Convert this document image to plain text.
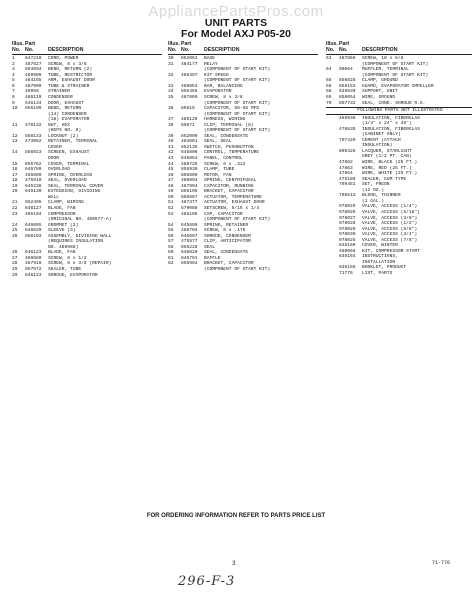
AppliancePartsPros.com
UNIT PARTS
For Model AXJ P05-20
Illus.
No.
Part
No.	DESCRIPTION
1	647218	CORD, POWER
2	487827	SCREW, 8 x 3/8
3	894694	BEND, RETURN (2)
4	489909	TUBE, RESTRICTOR
5	484165	ARM, EXHAUST DOOR
6	487009	TUBE & STRAINER
7	49959	STRAINER
8	486119	CONDENSER
9	646134	DOOR, EXHAUST
10	855109	BEND, RETURN
(14) CONDENSER
(16) EVAPORATOR
11	478132	NUT, HEX
(KEPS NO. 8)
12	858133	LOCKNUT (2)
13	473062	RETAINER, TERMINAL
COVER
14	856923	SCREEN, EXHAUST
DOOR
15	855762	COVER, TERMINAL
16	646780	OVERLOAD
17	456609	SPRING, OVERLOAD
18	475910	SEAL, OVERLOAD
19	645236	SEAL, TERMINAL COVER
20	646130	EXTENSION, DIVIDING
WALL
21	852405	CLAMP, WIRING
22	646127	BLADE, FAN
23	485104	COMPRESSOR
(ORIGINAL NO. 480677-A)
24	646095	GROMMET (3)
25	646629	SLEEVE (3)
26	856103	ASSEMBLY, DIVIDING WALL
(REQUIRES INSULATION
NO. 469988)
26	646123	BLADE, FAN
27	489680	SCREW, 8 x 1/2
28	487916	SCREW, 6 x 3/8 (REPAIR)
29	857972	SEALER, TUBE
29	646123	SHROUD, EVAPORATOR
Illus.
No.
Part
No.	DESCRIPTION
30	852061	BASE
31	484177	RELAY
(COMPONENT OF START KIT)
32	486397	KIT SPEED
(COMPONENT OF START KIT)
33	486054	BAR, BALANCING
34	855465	EVAPORATOR
35	487869	SCREW, 8 x 3/8
(COMPONENT OF START KIT)
36	85615	CAPACITOR, 58-65 MFD
(COMPONENT OF START KIT)
37	486126	HARNESS, WIRING
38	85671	CLIP, TERMINAL (8)
(COMPONENT OF START KIT)
39	852009	SEAL, CONDENSATE
40	484661	SEAL, SEAL
41	852135	SWITCH, PUSHBUTTON
42	646806	CONTROL, TEMPERATURE
43	646854	PANEL, CONTROL
44	488725	SCREW, 6 x .312
45	855930	CLAMP, TUBE
46	855609	MOTOR, FAN
47	486094	SPRING, CENTRIFUGAL
48	487904	CAPACITOR, RUNNING
49	856195	BRACKET, CAPACITOR
50	855867	ACTUATOR, TEMPERATURE
51	487377	ACTUATOR, EXHAUST DOOR
52	579088	SETSCREW, 5/16 x 1/4
53	485106	CAP, CAPACITOR
(COMPONENT OF START KIT)
54	645899	SPRING, RETAINER
55	488704	SCREW, 6 x .175
56	646097	SHROUD, CONDENSER
57	475977	CLIP, ANTICIPATOR
58	855228	SEAL
60	646820	SEAL, CONDENSATE
61	646791	BAFFLE
62	855964	BRACKET, CAPACITOR
(COMPONENT OF START KIT)
Illus.
No.
Part
No.	DESCRIPTION
63	487866	SCREW, 10 x 5/8
(COMPONENT OF START KIT)
64	90664	MUFFLER, TERMINAL
(COMPONENT OF START KIT)
65	856828	CLAMP, GROUND
66	856153	GUARD, EVAPORATOR IMPELLER
68	649839	SUPPORT, UNIT
69	856054	WIRE, GROUND
70	857732	SEAL, COND. SHROUD R.S.
FOLLOWING PARTS NOT ILLUSTRATED
469938	INSULATION, FIBERGLAS
(1/4" x 24" x 48")
476835	INSULATION, FIBERGLAS
(CABINET ONLY)
797420	CEMENT (ATTACH
INSULATION)
895426	LACQUER, STARLIGHT
GREY (1/2 PT. CAN)
47862	WIRE, BLACK (25 FT.)
47863	WIRE, RED (25 FT.)
47864	WIRE, WHITE (25 FT.)
475189	SEALER, GUM TYPE
799451	SET, FREON
(12 OZ.)
798513	BLEND, THINNER
(1 GAL.)
978029	VALVE, ACCESS (1/4")
978026	VALVE, ACCESS (5/16")
978027	VALVE, ACCESS (3/8")
978028	VALVE, ACCESS (1/2")
978029	VALVE, ACCESS (5/8")
978030	VALVE, ACCESS (3/4")
978025	VALVE, ACCESS (7/8")
646169	COVER, WINTER
480068	KIT, COMPRESSOR START
646164	INSTRUCTIONS,
INSTALLATION
646165	BOOKLET, PRODUCT
71776	LIST, PARTS
FOR ORDERING INFORMATION REFER TO PARTS PRICE LIST
3	71-776
296-F-3
